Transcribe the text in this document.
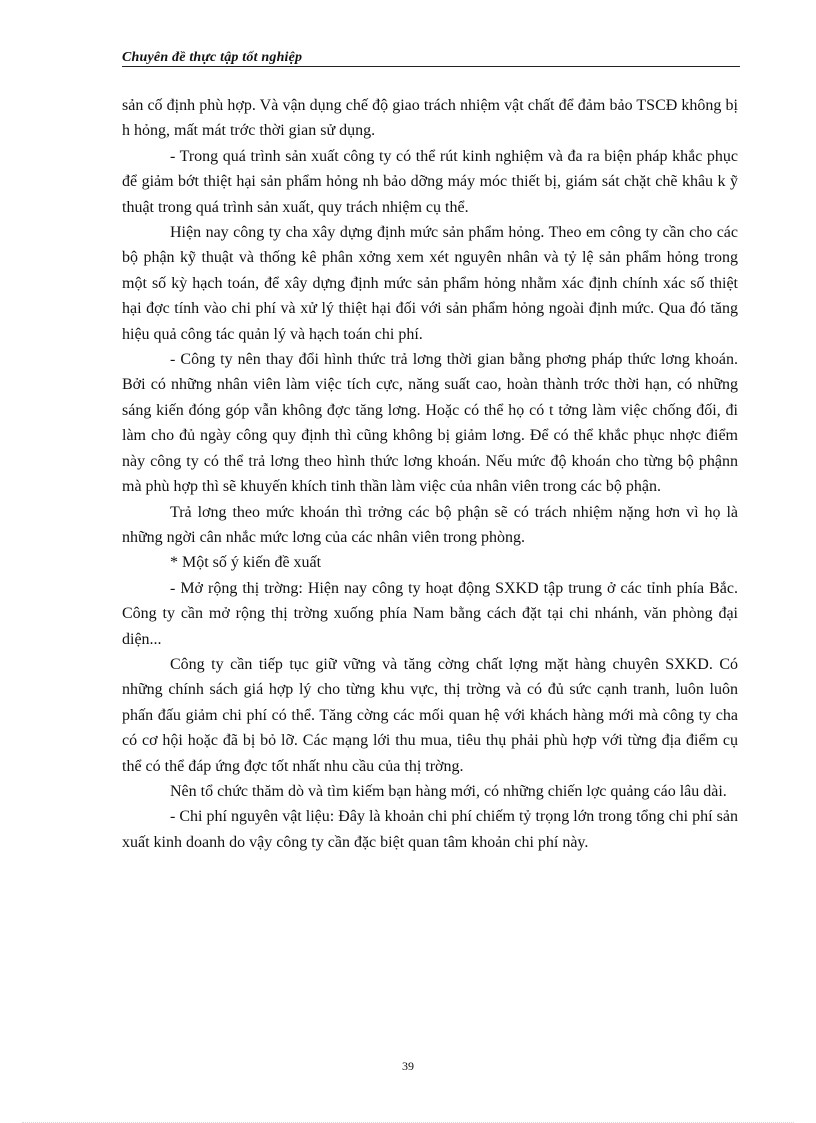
Chuyên đề thực tập tốt nghiệp

sản cố định phù hợp. Và vận dụng chế độ giao trách nhiệm vật chất để đảm bảo TSCĐ không bị h hỏng, mất mát trớc thời gian sử dụng.

- Trong quá trình sản xuất công ty có thể rút kinh nghiệm và đa ra biện pháp khắc phục để giảm bớt thiệt hại sản phẩm hỏng nh bảo dỡng máy móc thiết bị, giám sát chặt chẽ khâu k ỹ thuật trong quá trình sản xuất, quy trách nhiệm cụ thể.

Hiện nay công ty cha xây dựng định mức sản phẩm hỏng. Theo em công ty cần cho các bộ phận kỹ thuật và thống kê phân xởng xem xét nguyên nhân và tỷ lệ sản phẩm hỏng trong một số kỳ hạch toán, để xây dựng định mức sản phẩm hỏng nhằm xác định chính xác số thiệt hại đợc tính vào chi phí và xử lý thiệt hại đối với sản phẩm hỏng ngoài định mức. Qua đó tăng hiệu quả công tác quản lý và hạch toán chi phí.

- Công ty nên thay đổi hình thức trả lơng thời gian bằng phơng pháp thức lơng khoán. Bởi có những nhân viên làm việc tích cực, năng suất cao, hoàn thành trớc thời hạn, có những sáng kiến đóng góp vẫn không đợc tăng lơng. Hoặc có thể họ có t tởng làm việc chống đối, đi làm cho đủ ngày công quy định thì cũng không bị giảm lơng. Để có thể khắc phục nhợc điểm này công ty có thể trả lơng theo hình thức lơng khoán. Nếu mức độ khoán cho từng bộ phậnn mà phù hợp thì sẽ khuyến khích tinh thần làm việc của nhân viên trong các bộ phận.

Trả lơng theo mức khoán thì trởng các bộ phận sẽ có trách nhiệm nặng hơn vì họ là những ngời cân nhắc mức lơng của các nhân viên trong phòng.

* Một số ý kiến đề xuất

- Mở rộng thị trờng: Hiện nay công ty hoạt động SXKD tập trung ở các tỉnh phía Bắc. Công ty cần mở rộng thị trờng xuống phía Nam bằng cách đặt tại chi nhánh, văn phòng đại diện...

Công ty cần tiếp tục giữ vững và tăng cờng chất lợng mặt hàng chuyên SXKD. Có những chính sách giá hợp lý cho từng khu vực, thị trờng và có đủ sức cạnh tranh, luôn luôn phấn đấu giảm chi phí có thể. Tăng cờng các mối quan hệ với khách hàng mới mà công ty cha có cơ hội hoặc đã bị bỏ lỡ. Các mạng lới thu mua, tiêu thụ phải phù hợp với từng địa điểm cụ thể có thể đáp ứng đợc tốt nhất nhu cầu của thị trờng.

Nên tổ chức thăm dò và tìm kiếm bạn hàng mới, có những chiến lợc quảng cáo lâu dài.

- Chi phí nguyên vật liệu: Đây là khoản chi phí chiếm tỷ trọng lớn trong tổng chi phí sản xuất kinh doanh do vậy công ty cần đặc biệt quan tâm khoản chi phí này.

39
